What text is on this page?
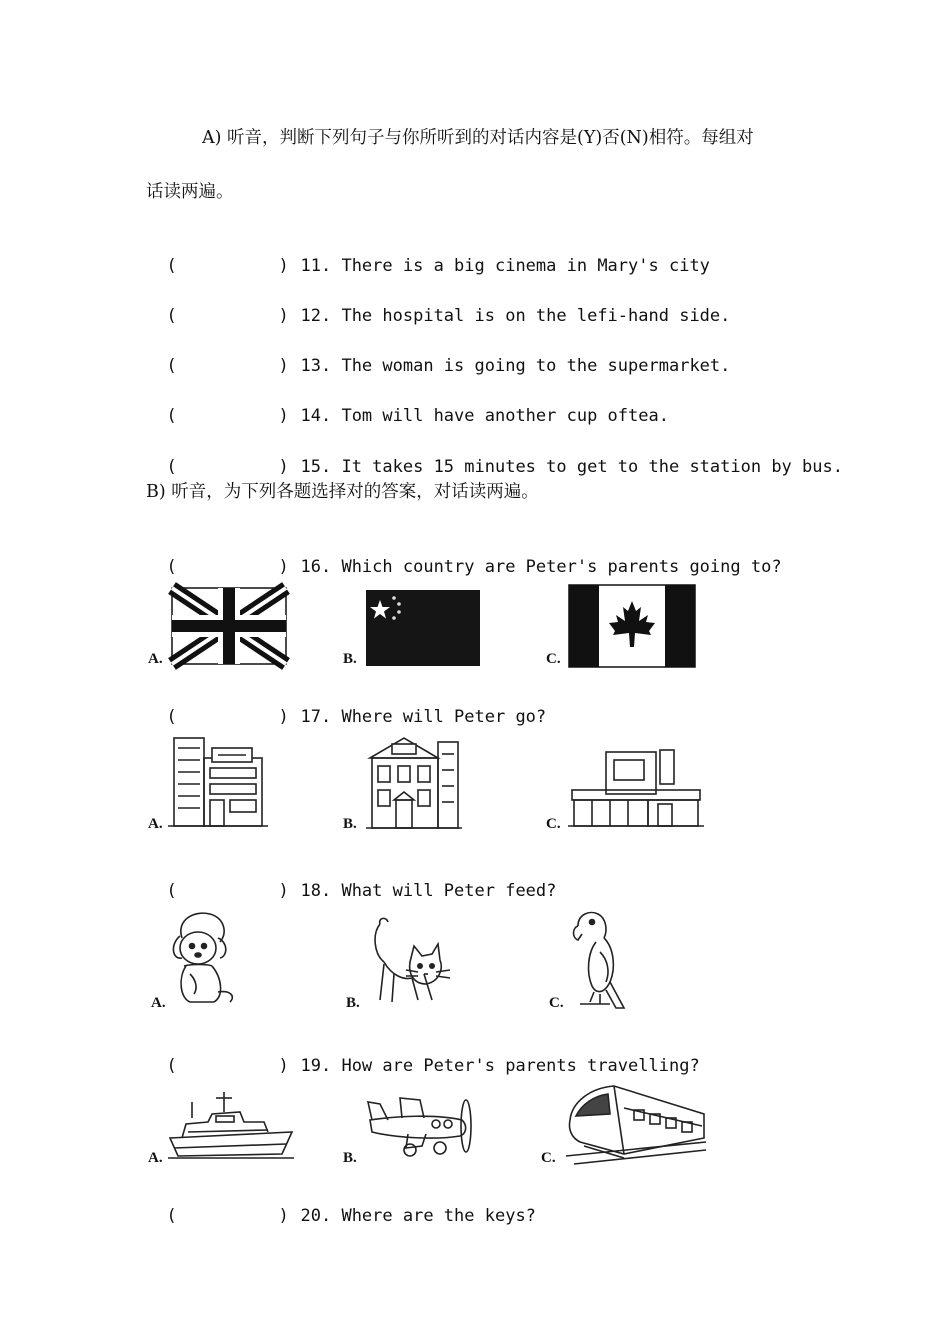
A) 听音，判断下列句子与你所听到的对话内容是(Y)否(N)相符。每组对
话读两遍。

(	) 11. There is a big cinema in Mary's city

(	) 12. The hospital is on the lefi-hand side.

(	) 13. The woman is going to the supermarket.

(	) 14. Tom will have another cup oftea.

(	) 15. It takes 15 minutes to get to the station by bus.

B) 听音，为下列各题选择对的答案，对话读两遍。

(	) 16. Which country are Peter's parents going to?

A.	B.	C.

(	) 17. Where will Peter go?

A.	B.	C.

(	) 18. What will Peter feed?

A.	B.	C.

(	) 19. How are Peter's parents travelling?

A.	B.	C.

(	) 20. Where are the keys?
